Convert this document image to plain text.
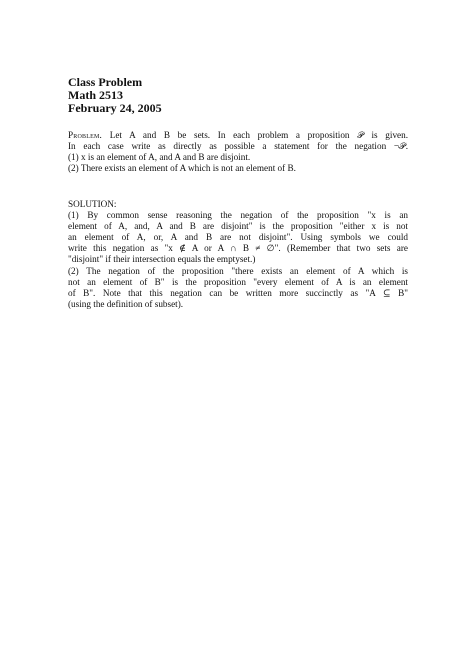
Class Problem

Math 2513

February 24, 2005

Problem. Let A and B be sets. In each problem a proposition 𝒫 is given.
In each case write as directly as possible a statement for the negation ¬𝒫.
(1) x is an element of A, and A and B are disjoint.
(2) There exists an element of A which is not an element of B.
SOLUTION:
(1) By common sense reasoning the negation of the proposition "x is an
element of A, and, A and B are disjoint" is the proposition "either x is not
an element of A, or, A and B are not disjoint". Using symbols we could
write this negation as "x ∉ A or A ∩ B ≠ ∅". (Remember that two sets are
"disjoint" if their intersection equals the emptyset.)
(2) The negation of the proposition "there exists an element of A which is
not an element of B" is the proposition "every element of A is an element
of B". Note that this negation can be written more succinctly as "A ⊆ B"
(using the definition of subset).
